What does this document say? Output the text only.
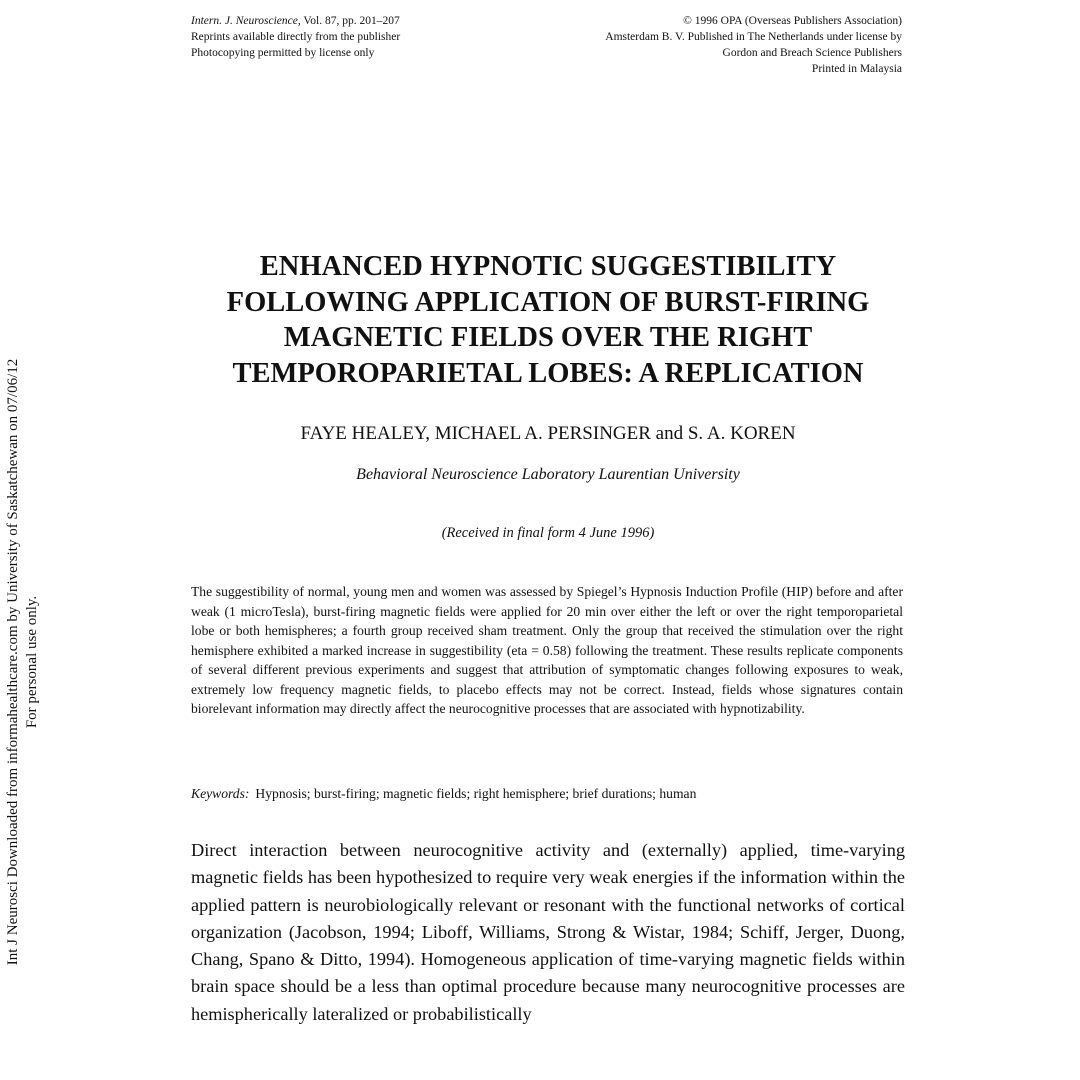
Intern. J. Neuroscience, Vol. 87, pp. 201–207
Reprints available directly from the publisher
Photocopying permitted by license only
© 1996 OPA (Overseas Publishers Association)
Amsterdam B. V. Published in The Netherlands under license by
Gordon and Breach Science Publishers
Printed in Malaysia
Int J Neurosci Downloaded from informahealthcare.com by University of Saskatchewan on 07/06/12 For personal use only.
ENHANCED HYPNOTIC SUGGESTIBILITY
FOLLOWING APPLICATION OF BURST-FIRING
MAGNETIC FIELDS OVER THE RIGHT
TEMPOROPARIETAL LOBES: A REPLICATION
FAYE HEALEY, MICHAEL A. PERSINGER and S. A. KOREN
Behavioral Neuroscience Laboratory Laurentian University
(Received in final form 4 June 1996)

The suggestibility of normal, young men and women was assessed by Spiegel’s Hypnosis Induction Profile (HIP) before and after weak (1 microTesla), burst-firing magnetic fields were applied for 20 min over either the left or over the right temporoparietal lobe or both hemispheres; a fourth group received sham treatment. Only the group that received the stimulation over the right hemisphere exhibited a marked increase in suggestibility (eta = 0.58) following the treatment. These results replicate components of several different previous experiments and suggest that attribution of symptomatic changes following exposures to weak, extremely low frequency magnetic fields, to placebo effects may not be correct. Instead, fields whose signatures contain biorelevant information may directly affect the neurocognitive processes that are associated with hypnotizability.

Keywords: Hypnosis; burst-firing; magnetic fields; right hemisphere; brief durations; human

Direct interaction between neurocognitive activity and (externally) applied, time-varying magnetic fields has been hypothesized to require very weak energies if the information within the applied pattern is neurobiologically relevant or resonant with the functional networks of cortical organization (Jacobson, 1994; Liboff, Williams, Strong & Wistar, 1984; Schiff, Jerger, Duong, Chang, Spano & Ditto, 1994). Homogeneous application of time-varying magnetic fields within brain space should be a less than optimal procedure because many neurocognitive processes are hemispherically lateralized or probabilistically
